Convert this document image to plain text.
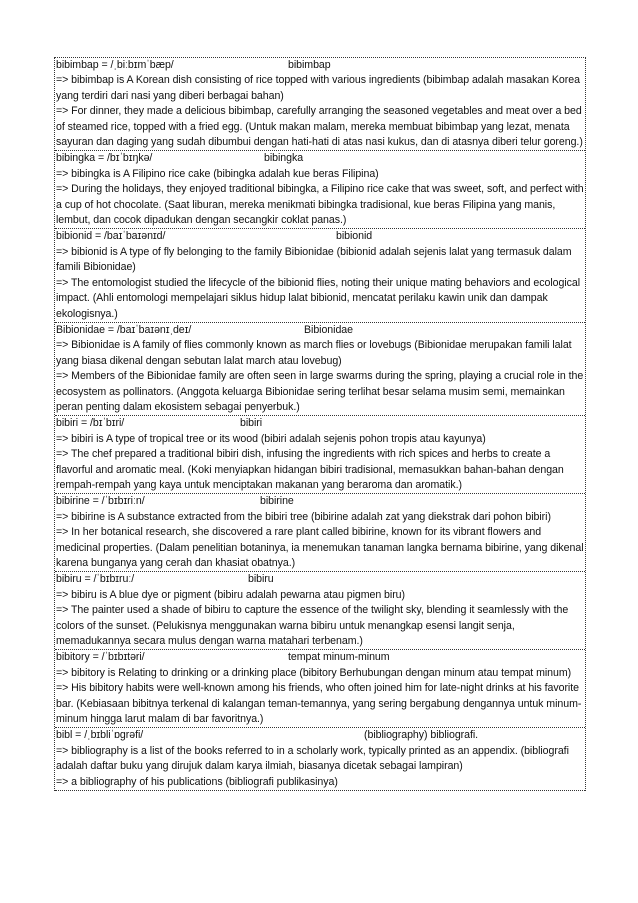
bibimbap = /ˌbiːbɪmˈbæp/	bibimbap
=> bibimbap is A Korean dish consisting of rice topped with various ingredients (bibimbap adalah masakan Korea yang terdiri dari nasi yang diberi berbagai bahan)
=> For dinner, they made a delicious bibimbap, carefully arranging the seasoned vegetables and meat over a bed of steamed rice, topped with a fried egg. (Untuk makan malam, mereka membuat bibimbap yang lezat, menata sayuran dan daging yang sudah dibumbui dengan hati-hati di atas nasi kukus, dan di atasnya diberi telur goreng.)
bibingka = /bɪˈbɪŋkə/	bibingka
=> bibingka is A Filipino rice cake (bibingka adalah kue beras Filipina)
=> During the holidays, they enjoyed traditional bibingka, a Filipino rice cake that was sweet, soft, and perfect with a cup of hot chocolate. (Saat liburan, mereka menikmati bibingka tradisional, kue beras Filipina yang manis, lembut, dan cocok dipadukan dengan secangkir coklat panas.)
bibionid = /baɪˈbaɪənɪd/	bibionid
=> bibionid is A type of fly belonging to the family Bibionidae (bibionid adalah sejenis lalat yang termasuk dalam famili Bibionidae)
=> The entomologist studied the lifecycle of the bibionid flies, noting their unique mating behaviors and ecological impact. (Ahli entomologi mempelajari siklus hidup lalat bibionid, mencatat perilaku kawin unik dan dampak ekologisnya.)
Bibionidae = /baɪˈbaɪənɪˌdeɪ/	Bibionidae
=> Bibionidae is A family of flies commonly known as march flies or lovebugs (Bibionidae merupakan famili lalat yang biasa dikenal dengan sebutan lalat march atau lovebug)
=> Members of the Bibionidae family are often seen in large swarms during the spring, playing a crucial role in the ecosystem as pollinators. (Anggota keluarga Bibionidae sering terlihat besar selama musim semi, memainkan peran penting dalam ekosistem sebagai penyerbuk.)
bibiri = /bɪˈbɪri/	bibiri
=> bibiri is A type of tropical tree or its wood (bibiri adalah sejenis pohon tropis atau kayunya)
=> The chef prepared a traditional bibiri dish, infusing the ingredients with rich spices and herbs to create a flavorful and aromatic meal. (Koki menyiapkan hidangan bibiri tradisional, memasukkan bahan-bahan dengan rempah-rempah yang kaya untuk menciptakan makanan yang beraroma dan aromatik.)
bibirine = /ˈbɪbɪriːn/	bibirine
=> bibirine is A substance extracted from the bibiri tree (bibirine adalah zat yang diekstrak dari pohon bibiri)
=> In her botanical research, she discovered a rare plant called bibirine, known for its vibrant flowers and medicinal properties. (Dalam penelitian botaninya, ia menemukan tanaman langka bernama bibirine, yang dikenal karena bunganya yang cerah dan khasiat obatnya.)
bibiru = /ˈbɪbɪruː/	bibiru
=> bibiru is A blue dye or pigment (bibiru adalah pewarna atau pigmen biru)
=> The painter used a shade of bibiru to capture the essence of the twilight sky, blending it seamlessly with the colors of the sunset. (Pelukisnya menggunakan warna bibiru untuk menangkap esensi langit senja, memadukannya secara mulus dengan warna matahari terbenam.)
bibitory = /ˈbɪbɪtəri/	tempat minum-minum
=> bibitory is Relating to drinking or a drinking place (bibitory Berhubungan dengan minum atau tempat minum)
=> His bibitory habits were well-known among his friends, who often joined him for late-night drinks at his favorite bar. (Kebiasaan bibitnya terkenal di kalangan teman-temannya, yang sering bergabung dengannya untuk minum-minum hingga larut malam di bar favoritnya.)
bibl = /ˌbɪbliˈɒɡrəfi/	(bibliography) bibliografi.
=> bibliography is a list of the books referred to in a scholarly work, typically printed as an appendix. (bibliografi adalah daftar buku yang dirujuk dalam karya ilmiah, biasanya dicetak sebagai lampiran)
=> a bibliography of his publications (bibliografi publikasinya)
